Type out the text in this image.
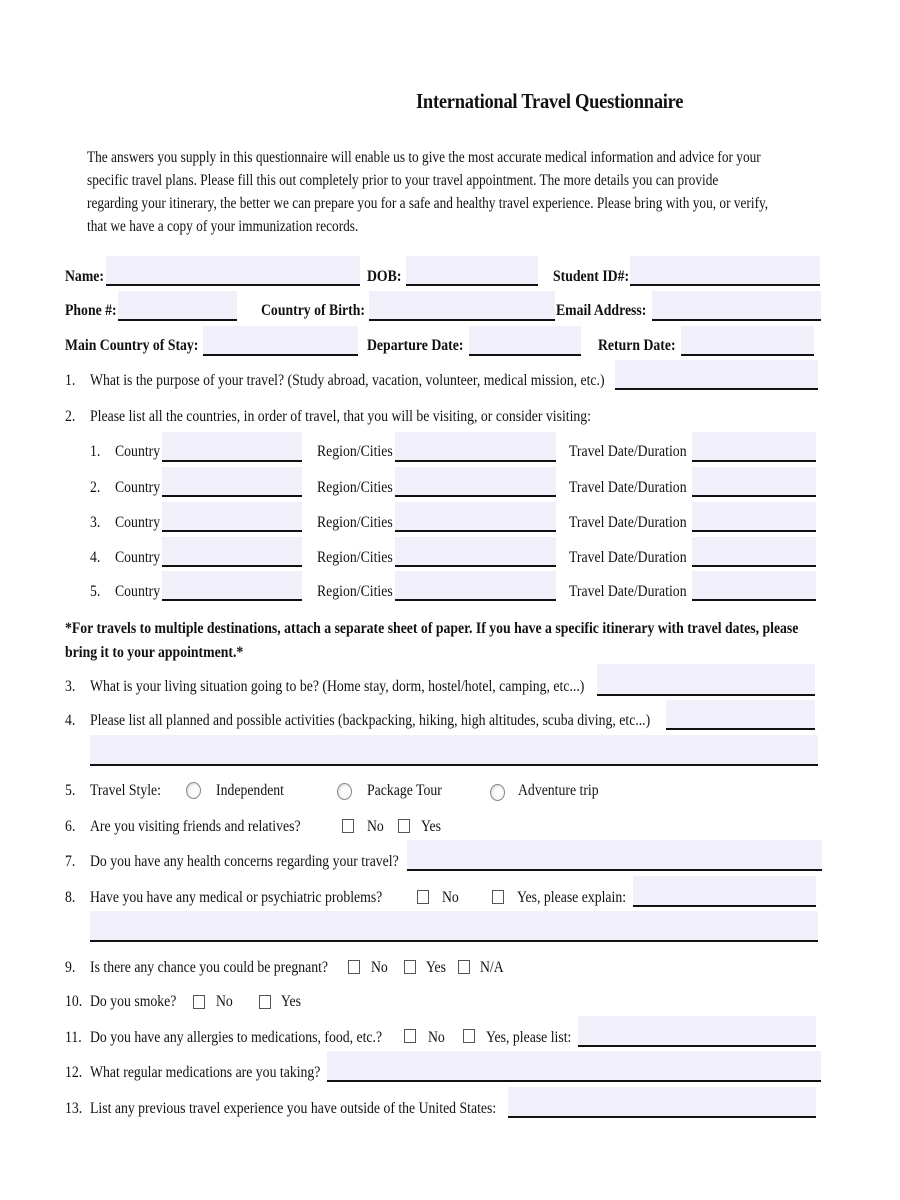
International Travel Questionnaire
The answers you supply in this questionnaire will enable us to give the most accurate medical information and advice for your
specific travel plans. Please fill this out completely prior to your travel appointment. The more details you can provide
regarding your itinerary, the better we can prepare you for a safe and healthy travel experience. Please bring with you, or verify,
that we have a copy of your immunization records.
Name:	DOB:	Student ID#:
Phone #:	Country of Birth:	Email Address:
Main Country of Stay:	Departure Date:	Return Date:
1. What is the purpose of your travel? (Study abroad, vacation, volunteer, medical mission, etc.)
2. Please list all the countries, in order of travel, that you will be visiting, or consider visiting:
1. Country	Region/Cities	Travel Date/Duration
2. Country	Region/Cities	Travel Date/Duration
3. Country	Region/Cities	Travel Date/Duration
4. Country	Region/Cities	Travel Date/Duration
5. Country	Region/Cities	Travel Date/Duration
*For travels to multiple destinations, attach a separate sheet of paper. If you have a specific itinerary with travel dates, please
bring it to your appointment.*
3. What is your living situation going to be? (Home stay, dorm, hostel/hotel, camping, etc...)
4. Please list all planned and possible activities (backpacking, hiking, high altitudes, scuba diving, etc...)
5. Travel Style:	Independent	Package Tour	Adventure trip
6. Are you visiting friends and relatives?	No Yes
7. Do you have any health concerns regarding your travel?
8. Have you have any medical or psychiatric problems?	No	Yes, please explain:
9. Is there any chance you could be pregnant?	No Yes N/A
10. Do you smoke? No	Yes
11. Do you have any allergies to medications, food, etc.?	No	Yes, please list:
12. What regular medications are you taking?
13. List any previous travel experience you have outside of the United States:
